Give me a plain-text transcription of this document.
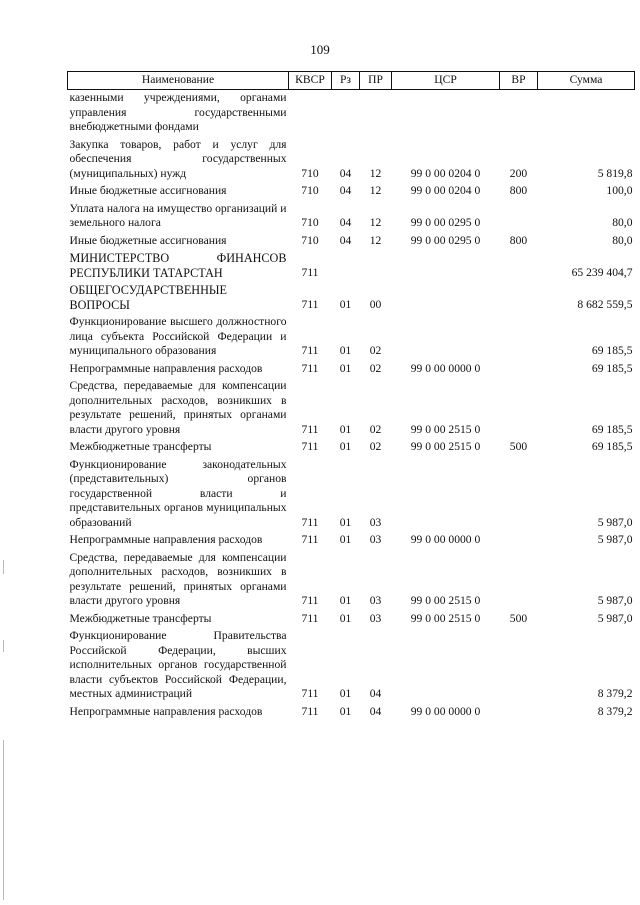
109
Наименование	КВСР	Рз	ПР	ЦСР	ВР	Сумма
казенными учреждениями, органами управления государственными внебюджетными фондами						
Закупка товаров, работ и услуг для обеспечения государственных (муниципальных) нужд	710	04	12	99 0 00 0204 0	200	5 819,8
Иные бюджетные ассигнования	710	04	12	99 0 00 0204 0	800	100,0
Уплата налога на имущество организаций и земельного налога	710	04	12	99 0 00 0295 0		80,0
Иные бюджетные ассигнования	710	04	12	99 0 00 0295 0	800	80,0
МИНИСТЕРСТВО ФИНАНСОВ РЕСПУБЛИКИ ТАТАРСТАН	711					65 239 404,7
ОБЩЕГОСУДАРСТВЕННЫЕ ВОПРОСЫ	711	01	00			8 682 559,5
Функционирование высшего должностного лица субъекта Российской Федерации и муниципального образования	711	01	02			69 185,5
Непрограммные направления расходов	711	01	02	99 0 00 0000 0		69 185,5
Средства, передаваемые для компенсации дополнительных расходов, возникших в результате решений, принятых органами власти другого уровня	711	01	02	99 0 00 2515 0		69 185,5
Межбюджетные трансферты	711	01	02	99 0 00 2515 0	500	69 185,5
Функционирование законодательных (представительных) органов государственной власти и представительных органов муниципальных образований	711	01	03			5 987,0
Непрограммные направления расходов	711	01	03	99 0 00 0000 0		5 987,0
Средства, передаваемые для компенсации дополнительных расходов, возникших в результате решений, принятых органами власти другого уровня	711	01	03	99 0 00 2515 0		5 987,0
Межбюджетные трансферты	711	01	03	99 0 00 2515 0	500	5 987,0
Функционирование Правительства Российской Федерации, высших исполнительных органов государственной власти субъектов Российской Федерации, местных администраций	711	01	04			8 379,2
Непрограммные направления расходов	711	01	04	99 0 00 0000 0		8 379,2
